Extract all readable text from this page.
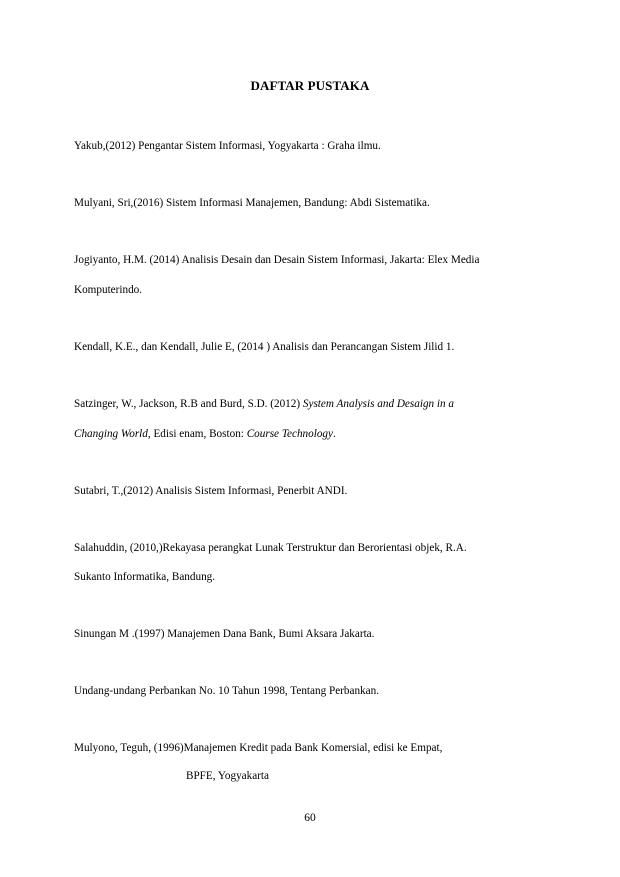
DAFTAR PUSTAKA
Yakub,(2012) Pengantar Sistem Informasi, Yogyakarta : Graha ilmu.
Mulyani, Sri,(2016) Sistem Informasi Manajemen, Bandung: Abdi Sistematika.
Jogiyanto, H.M. (2014) Analisis Desain dan Desain Sistem Informasi, Jakarta: Elex Media
Komputerindo.
Kendall, K.E., dan Kendall, Julie E, (2014 ) Analisis dan Perancangan Sistem Jilid 1.
Satzinger, W., Jackson, R.B and Burd, S.D. (2012) System Analysis and Desaign in a
Changing World, Edisi enam, Boston: Course Technology.
Sutabri, T.,(2012) Analisis Sistem Informasi, Penerbit ANDI.
Salahuddin, (2010,)Rekayasa perangkat Lunak Terstruktur dan Berorientasi objek, R.A.
Sukanto Informatika, Bandung.
Sinungan M .(1997) Manajemen Dana Bank, Bumi Aksara Jakarta.
Undang-undang Perbankan No. 10 Tahun 1998, Tentang Perbankan.
Mulyono, Teguh, (1996)Manajemen Kredit pada Bank Komersial, edisi ke Empat,
BPFE, Yogyakarta
60
